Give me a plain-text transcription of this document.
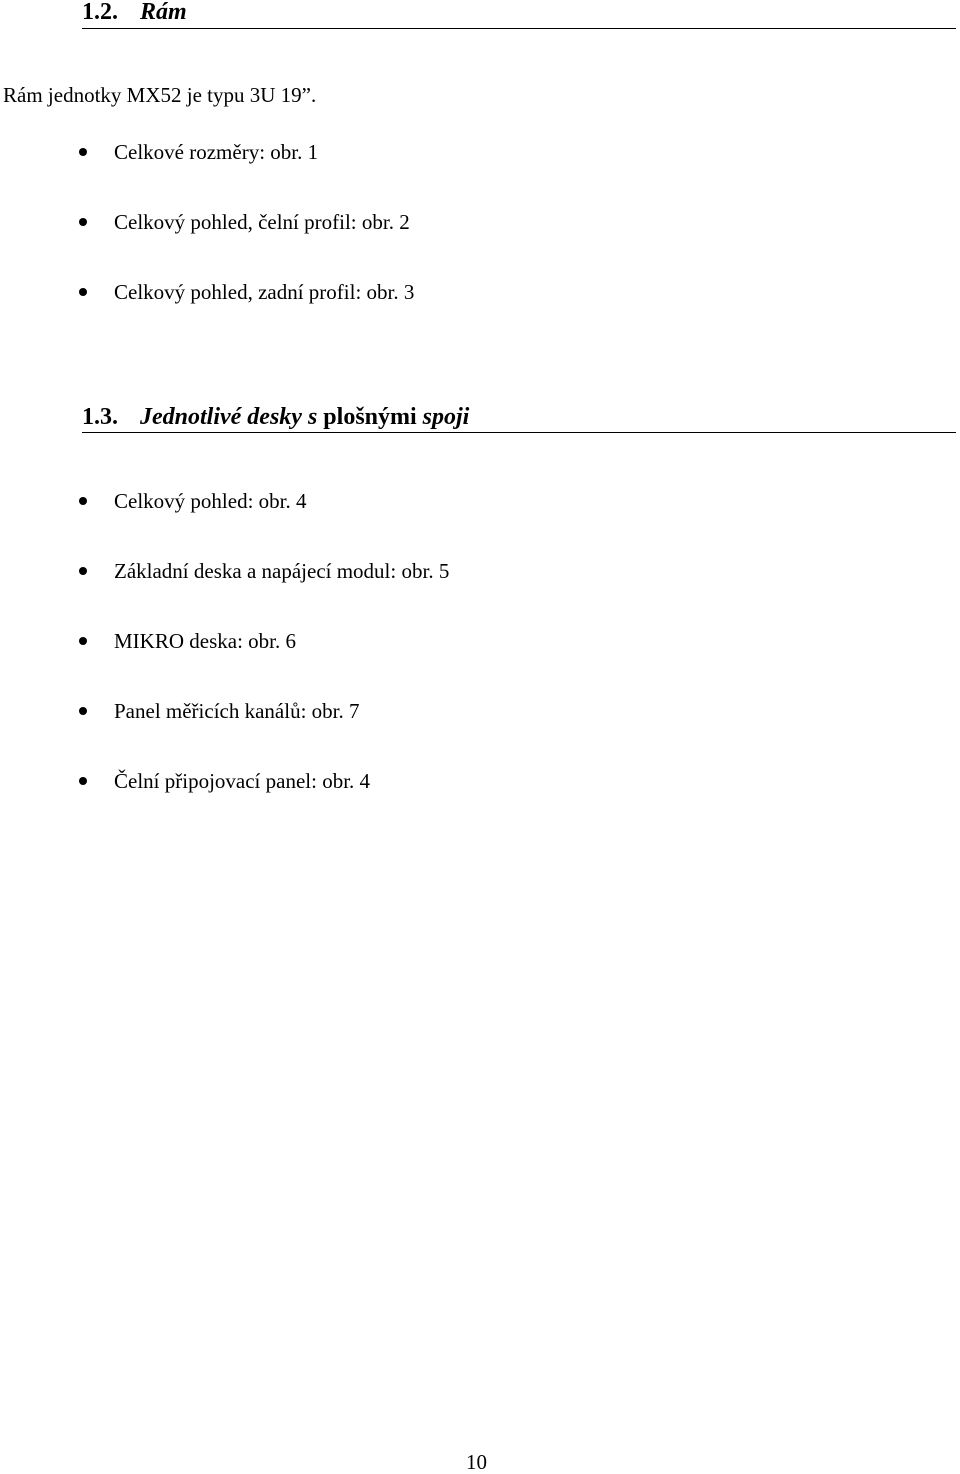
1.2. Rám
Rám jednotky MX52 je typu 3U 19”.
Celkové rozměry: obr. 1
Celkový pohled, čelní profil: obr. 2
Celkový pohled, zadní profil: obr. 3
1.3. Jednotlivé desky s plošnými spoji
Celkový pohled: obr. 4
Základní deska a napájecí modul: obr. 5
MIKRO deska: obr. 6
Panel měřicích kanálů: obr. 7
Čelní připojovací panel: obr. 4
10
